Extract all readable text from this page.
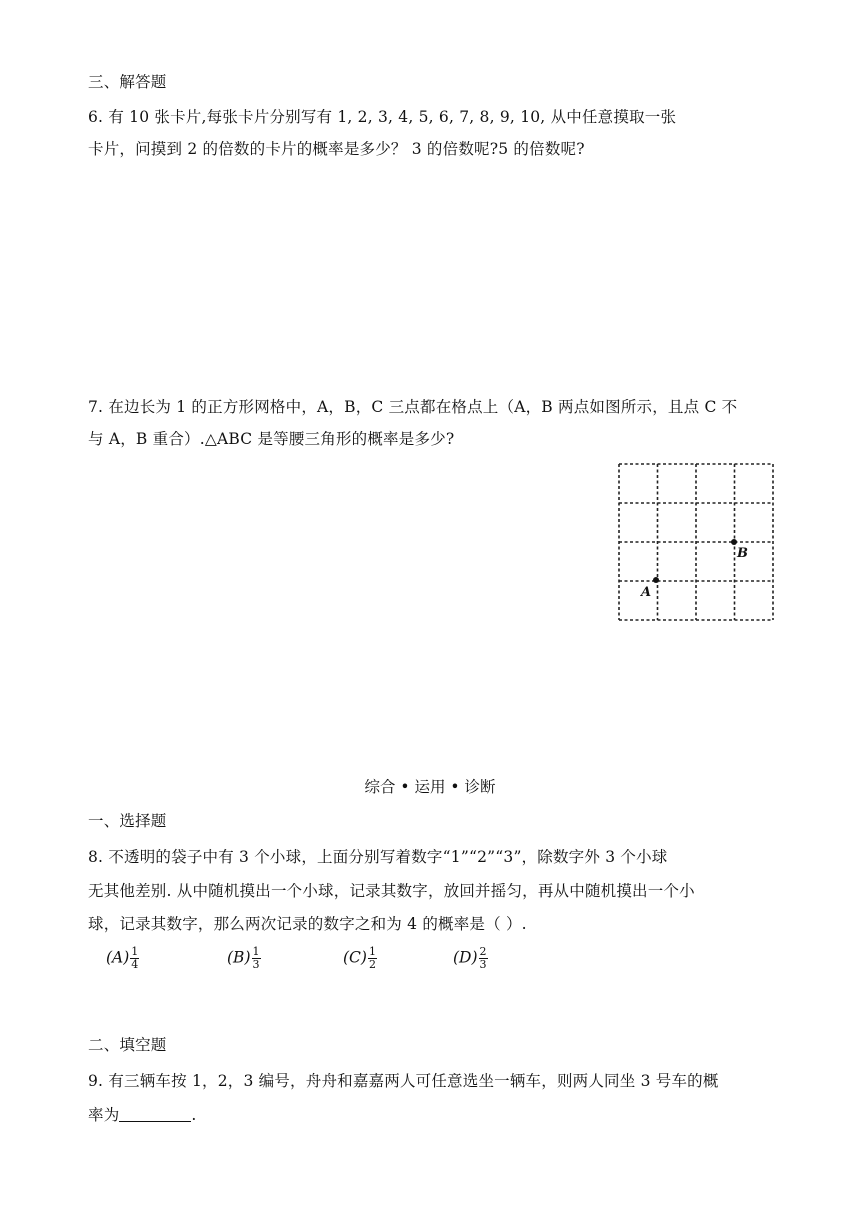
三、解答题
6. 有 10 张卡片,每张卡片分别写有 1, 2, 3, 4, 5, 6, 7, 8, 9, 10, 从中任意摸取一张
卡片，问摸到 2 的倍数的卡片的概率是多少？ 3 的倍数呢?5 的倍数呢?
7. 在边长为 1 的正方形网格中，A，B，C 三点都在格点上（A，B 两点如图所示，且点 C 不
与 A，B 重合）.△ABC 是等腰三角形的概率是多少?
A
B
综合 • 运用 • 诊断
一、选择题
8. 不透明的袋子中有 3 个小球，上面分别写着数字“1”“2”“3”，除数字外 3 个小球
无其他差别. 从中随机摸出一个小球，记录其数字，放回并摇匀，再从中随机摸出一个小
球，记录其数字，那么两次记录的数字之和为 4 的概率是（ ）.
$(A) \frac{1}{4}$	$(B) \frac{1}{3}$	$(C) \frac{1}{2}$	$(D) \frac{2}{3}$
二、填空题
9. 有三辆车按 1，2，3 编号，舟舟和嘉嘉两人可任意选坐一辆车，则两人同坐 3 号车的概
率为	.
